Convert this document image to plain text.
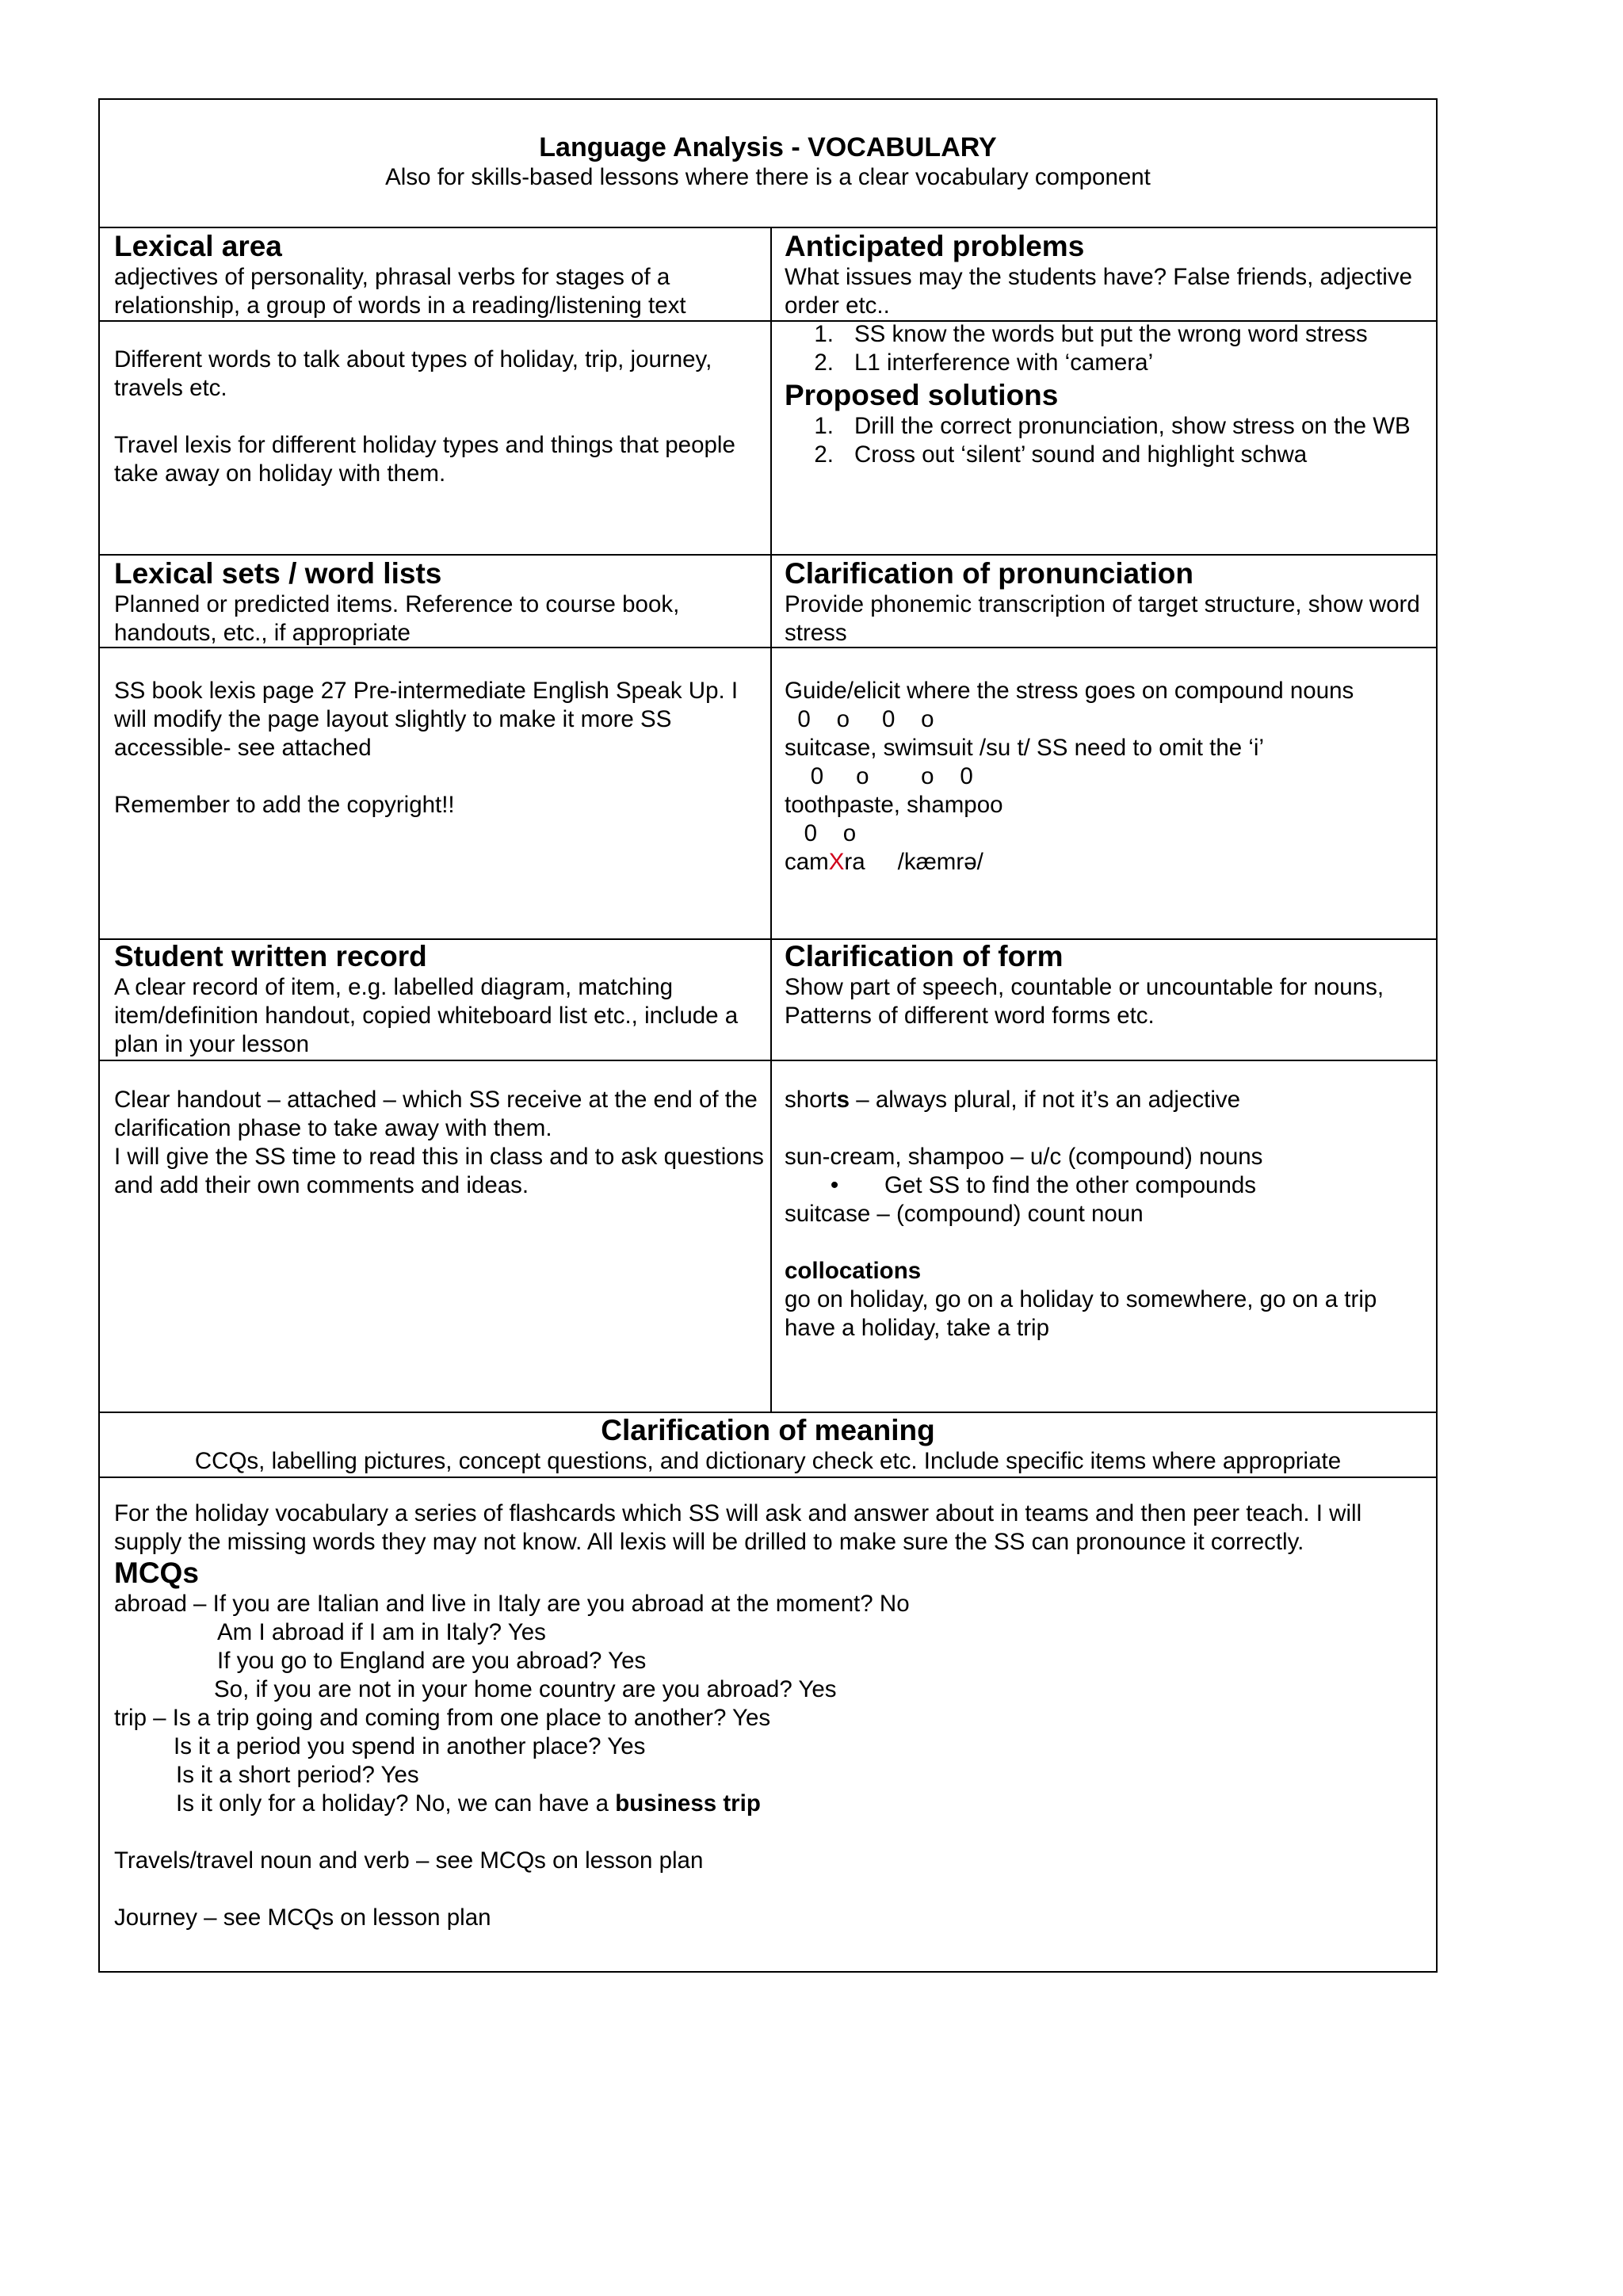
Language Analysis - VOCABULARY

Also for skills-based lessons where there is a clear vocabulary component

Lexical area

adjectives of personality, phrasal verbs for stages of a relationship, a group of words in a reading/listening text

Different words to talk about types of holiday, trip, journey, travels etc.

Travel lexis for different holiday types and things that people take away on holiday with them.

Anticipated problems

What issues may the students have? False friends, adjective order etc..

1. SS know the words but put the wrong word stress
2. L1 interference with ‘camera’

Proposed solutions

1. Drill the correct pronunciation, show stress on the WB
2. Cross out ‘silent’ sound and highlight schwa

Lexical sets / word lists

Planned or predicted items. Reference to course book, handouts, etc., if appropriate

SS book lexis page 27 Pre-intermediate English Speak Up. I will modify the page layout slightly to make it more SS accessible- see attached

Remember to add the copyright!!

Clarification of pronunciation

Provide phonemic transcription of target structure, show word stress

Guide/elicit where the stress goes on compound nouns

0    o     0    o

suitcase, swimsuit /su t/ SS need to omit the ‘i’

0     o        o    0

toothpaste, shampoo

0    o

camXra     /kæmrə/

Student written record

A clear record of item, e.g. labelled diagram, matching item/definition handout, copied whiteboard list etc., include a plan in your lesson

Clear handout – attached – which SS receive at the end of the clarification phase to take away with them.

I will give the SS time to read this in class and to ask questions and add their own comments and ideas.

Clarification of form

Show part of speech, countable or uncountable for nouns, Patterns of different word forms etc.

shorts – always plural, if not it’s an adjective

sun-cream, shampoo – u/c (compound) nouns

•	Get SS to find the other compounds

suitcase – (compound) count noun

collocations

go on holiday, go on a holiday to somewhere, go on a trip

have a holiday, take a trip

Clarification of meaning

CCQs, labelling pictures, concept questions, and dictionary check etc. Include specific items where appropriate

For the holiday vocabulary a series of flashcards which SS will ask and answer about in teams and then peer teach. I will supply the missing words they may not know. All lexis will be drilled to make sure the SS can pronounce it correctly.

MCQs

abroad – If you are Italian and live in Italy are you abroad at the moment? No

Am I abroad if I am in Italy? Yes

If you go to England are you abroad? Yes

So, if you are not in your home country are you abroad? Yes

trip – Is a trip going and coming from one place to another? Yes

Is it a period you spend in another place? Yes

Is it a short period? Yes

Is it only for a holiday? No, we can have a business trip

Travels/travel noun and verb – see MCQs on lesson plan

Journey – see MCQs on lesson plan
